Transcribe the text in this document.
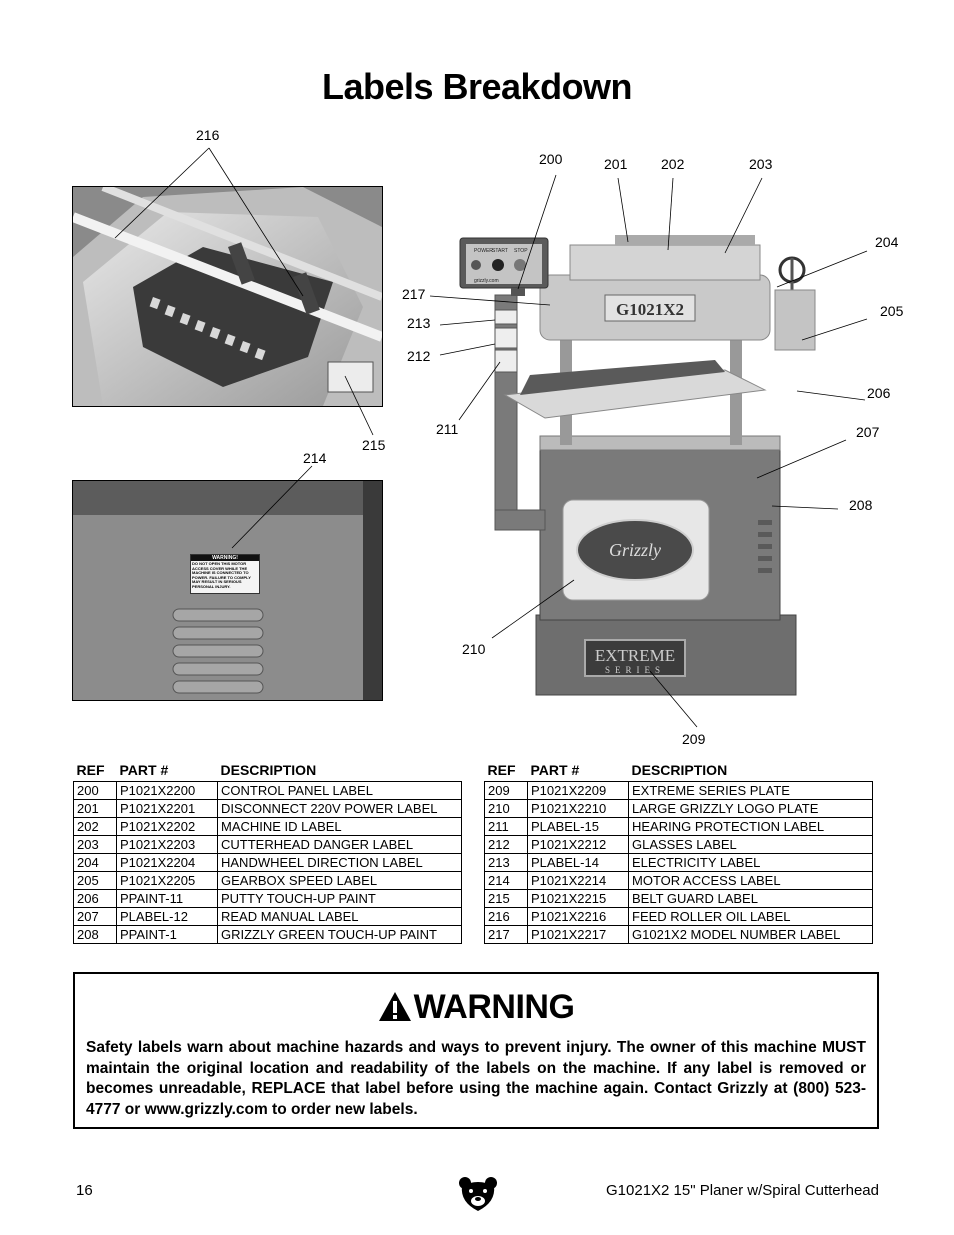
Labels Breakdown
WARNING!
DO NOT OPEN THIS MOTOR ACCESS COVER WHILE THE MACHINE IS CONNECTED TO POWER. FAILURE TO COMPLY MAY RESULT IN SERIOUS PERSONAL INJURY.
Grizzly
EXTREME
SERIES
G1021X2
POWER START STOP
grizzly.com
216
215
214
200	201 202	203
204
205
206
207
208
209
210
211
212
213
217
REF	PART #	DESCRIPTION
200	P1021X2200	CONTROL PANEL LABEL
201	P1021X2201	DISCONNECT 220V POWER LABEL
202	P1021X2202	MACHINE ID LABEL
203	P1021X2203	CUTTERHEAD DANGER LABEL
204	P1021X2204	HANDWHEEL DIRECTION LABEL
205	P1021X2205	GEARBOX SPEED LABEL
206	PPAINT-11	PUTTY TOUCH-UP PAINT
207	PLABEL-12	READ MANUAL LABEL
208	PPAINT-1	GRIZZLY GREEN TOUCH-UP PAINT
REF	PART #	DESCRIPTION
209	P1021X2209	EXTREME SERIES PLATE
210	P1021X2210	LARGE GRIZZLY LOGO PLATE
211	PLABEL-15	HEARING PROTECTION LABEL
212	P1021X2212	GLASSES LABEL
213	PLABEL-14	ELECTRICITY LABEL
214	P1021X2214	MOTOR ACCESS LABEL
215	P1021X2215	BELT GUARD LABEL
216	P1021X2216	FEED ROLLER OIL LABEL
217	P1021X2217	G1021X2 MODEL NUMBER LABEL
WARNING
Safety labels warn about machine hazards and ways to prevent injury. The owner of this machine MUST maintain the original location and readability of the labels on the machine. If any label is removed or becomes unreadable, REPLACE that label before using the machine again. Contact Grizzly at (800) 523-4777 or www.grizzly.com to order new labels.
16	G1021X2 15" Planer w/Spiral Cutterhead
